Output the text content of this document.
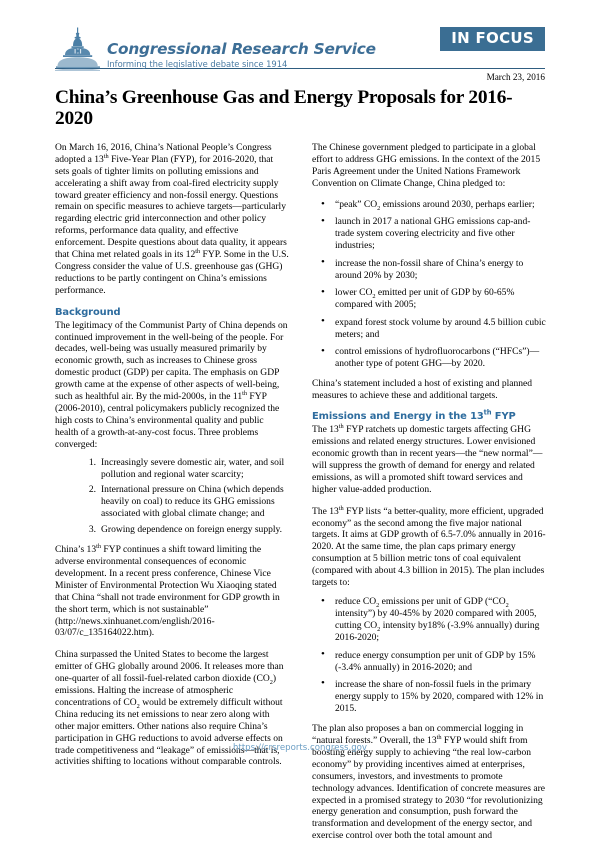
Congressional Research Service
Informing the legislative debate since 1914
IN FOCUS
March 23, 2016
China’s Greenhouse Gas and Energy Proposals for 2016-2020

On March 16, 2016, China’s National People’s Congress adopted a 13th Five-Year Plan (FYP), for 2016-2020, that sets goals of tighter limits on polluting emissions and accelerating a shift away from coal-fired electricity supply toward greater efficiency and non-fossil energy. Questions remain on specific measures to achieve targets—particularly regarding electric grid interconnection and other policy reforms, performance data quality, and effective enforcement. Despite questions about data quality, it appears that China met related goals in its 12th FYP. Some in the U.S. Congress consider the value of U.S. greenhouse gas (GHG) reductions to be partly contingent on China’s emissions performance.

Background

The legitimacy of the Communist Party of China depends on continued improvement in the well-being of the people. For decades, well-being was usually measured primarily by economic growth, such as increases to Chinese gross domestic product (GDP) per capita. The emphasis on GDP growth came at the expense of other aspects of well-being, such as healthful air. By the mid-2000s, in the 11th FYP (2006-2010), central policymakers publicly recognized the high costs to China’s environmental quality and public health of a growth-at-any-cost focus. Three problems converged:

Increasingly severe domestic air, water, and soil pollution and regional water scarcity;
International pressure on China (which depends heavily on coal) to reduce its GHG emissions associated with global climate change; and
Growing dependence on foreign energy supply.

China’s 13th FYP continues a shift toward limiting the adverse environmental consequences of economic development. In a recent press conference, Chinese Vice Minister of Environmental Protection Wu Xiaoqing stated that China “shall not trade environment for GDP growth in the short term, which is not sustainable” (http://news.xinhuanet.com/english/2016-03/07/c_135164022.htm).

China surpassed the United States to become the largest emitter of GHG globally around 2006. It releases more than one-quarter of all fossil-fuel-related carbon dioxide $(CO_2)$ emissions. Halting the increase of atmospheric concentrations of $CO_2$ would be extremely difficult without China reducing its net emissions to near zero along with other major emitters. Other nations also require China’s participation in GHG reductions to avoid adverse effects on trade competitiveness and “leakage” of emissions—that is, activities shifting to locations without comparable controls.

The Chinese government pledged to participate in a global effort to address GHG emissions. In the context of the 2015 Paris Agreement under the United Nations Framework Convention on Climate Change, China pledged to:

• “peak” $CO_2$ emissions around 2030, perhaps earlier;
• launch in 2017 a national GHG emissions cap-and-trade system covering electricity and five other industries;
• increase the non-fossil share of China’s energy to around 20% by 2030;
• lower $CO_2$ emitted per unit of GDP by 60-65% compared with 2005;
• expand forest stock volume by around 4.5 billion cubic meters; and
• control emissions of hydrofluorocarbons (“HFCs”)—another type of potent GHG—by 2020.

China’s statement included a host of existing and planned measures to achieve these and additional targets.

Emissions and Energy in the 13th FYP

The 13th FYP ratchets up domestic targets affecting GHG emissions and related energy structures. Lower envisioned economic growth than in recent years—the “new normal”—will suppress the growth of demand for energy and related emissions, as will a promoted shift toward services and higher value-added production.

The 13th FYP lists “a better-quality, more efficient, upgraded economy” as the second among the five major national targets. It aims at GDP growth of 6.5-7.0% annually in 2016-2020. At the same time, the plan caps primary energy consumption at 5 billion metric tons of coal equivalent (compared with about 4.3 billion in 2015). The plan includes targets to:

• reduce $CO_2$ emissions per unit of GDP (“$CO_2$ intensity”) by 40-45% by 2020 compared with 2005, cutting $CO_2$ intensity by18% (-3.9% annually) during 2016-2020;
• reduce energy consumption per unit of GDP by 15% (-3.4% annually) in 2016-2020; and
• increase the share of non-fossil fuels in the primary energy supply to 15% by 2020, compared with 12% in 2015.

The plan also proposes a ban on commercial logging in “natural forests.” Overall, the 13th FYP would shift from boosting energy supply to achieving “the real low-carbon economy” by providing incentives aimed at enterprises, consumers, investors, and investments to promote technology advances. Identification of concrete measures are expected in a promised strategy to 2030 “for revolutionizing energy generation and consumption, push forward the transformation and development of the energy sector, and exercise control over both the total amount and

https://crsreports.congress.gov
